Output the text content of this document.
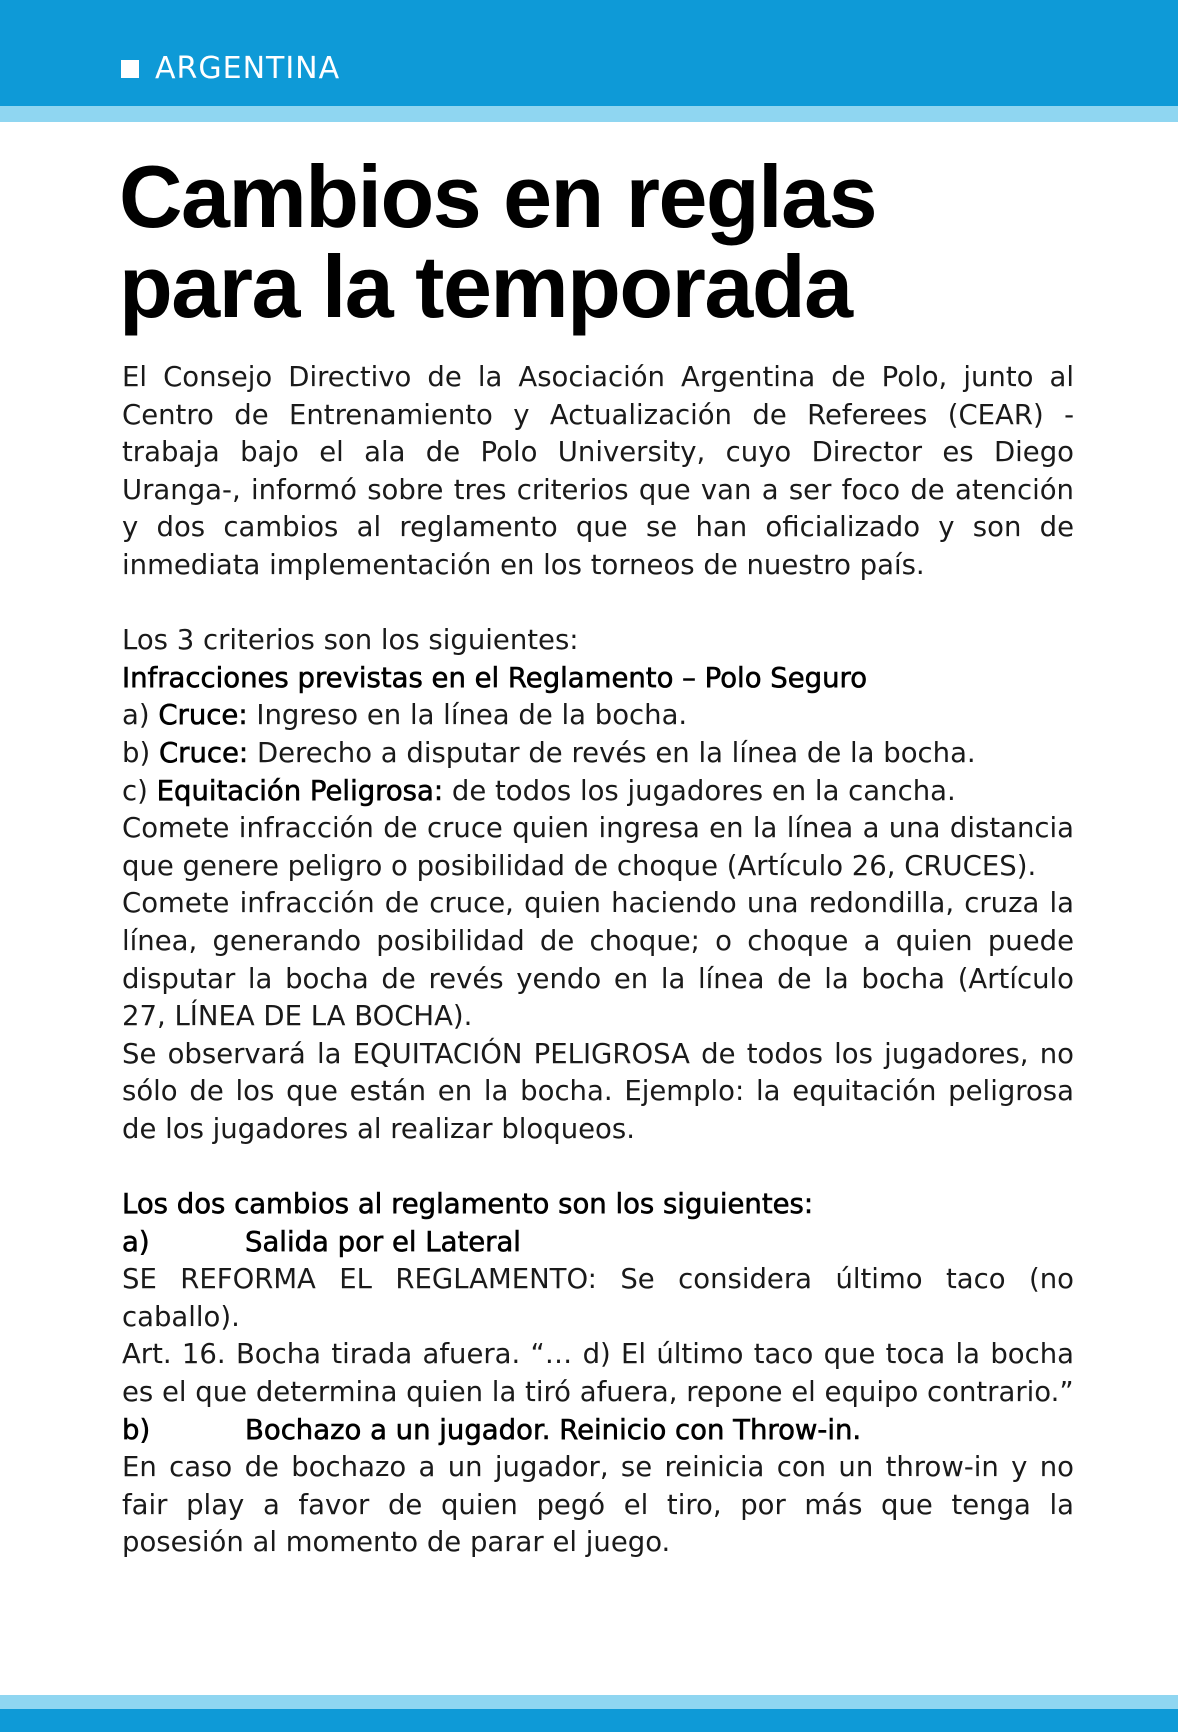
ARGENTINA
Cambios en reglas
para la temporada
El Consejo Directivo de la Asociación Argentina de Polo, junto al Centro de Entrenamiento y Actualización de Referees (CEAR) -trabaja bajo el ala de Polo University, cuyo Director es Diego Uranga-, informó sobre tres criterios que van a ser foco de atención y dos cambios al reglamento que se han oficializado y son de inmediata implementación en los torneos de nuestro país.
Los 3 criterios son los siguientes:
Infracciones previstas en el Reglamento – Polo Seguro
a) Cruce: Ingreso en la línea de la bocha.
b) Cruce: Derecho a disputar de revés en la línea de la bocha.
c) Equitación Peligrosa: de todos los jugadores en la cancha.
Comete infracción de cruce quien ingresa en la línea a una distancia que genere peligro o posibilidad de choque (Artículo 26, CRUCES).
Comete infracción de cruce, quien haciendo una redondilla, cruza la línea, generando posibilidad de choque; o choque a quien puede disputar la bocha de revés yendo en la línea de la bocha (Artículo 27, LÍNEA DE LA BOCHA).
Se observará la EQUITACIÓN PELIGROSA de todos los jugadores, no sólo de los que están en la bocha. Ejemplo: la equitación peligrosa de los jugadores al realizar bloqueos.
Los dos cambios al reglamento son los siguientes:
a)	Salida por el Lateral
SE REFORMA EL REGLAMENTO: Se considera último taco (no caballo).
Art. 16. Bocha tirada afuera. “… d) El último taco que toca la bocha es el que determina quien la tiró afuera, repone el equipo contrario.”
b)	Bochazo a un jugador. Reinicio con Throw-in.
En caso de bochazo a un jugador, se reinicia con un throw-in y no fair play a favor de quien pegó el tiro, por más que tenga la posesión al momento de parar el juego.
